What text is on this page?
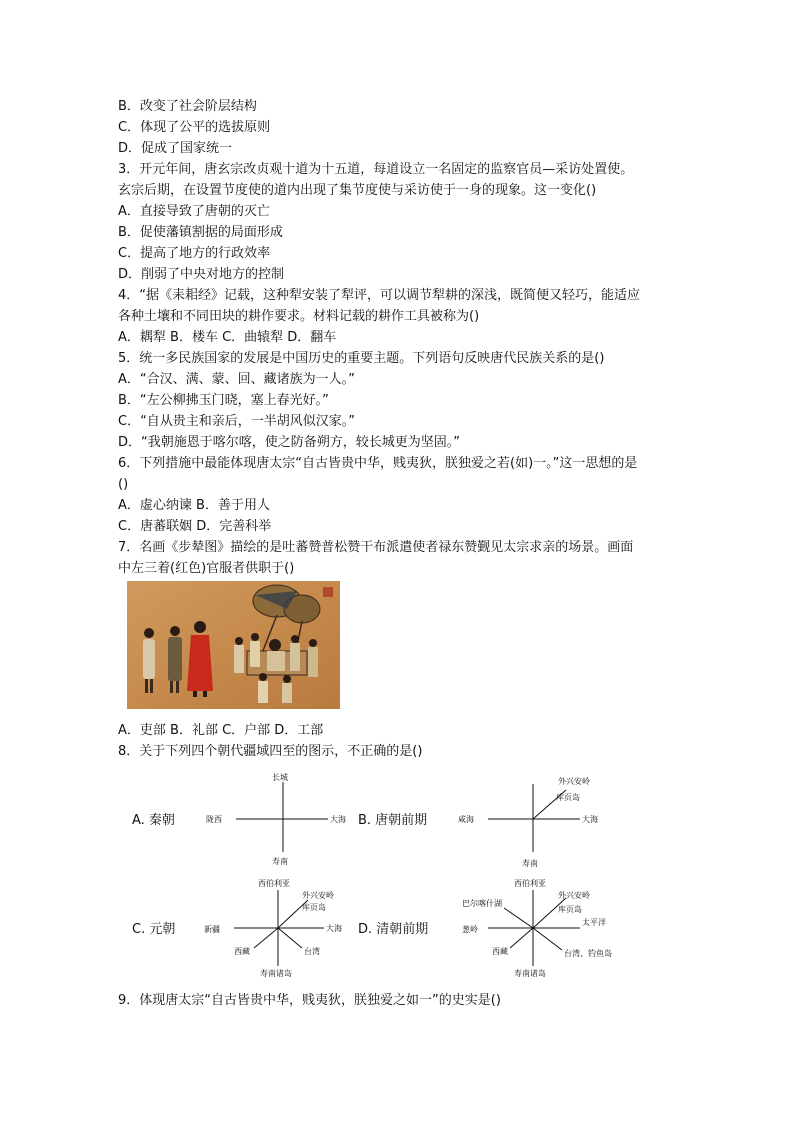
B．改变了社会阶层结构
C．体现了公平的选拔原则
D．促成了国家统一
3．开元年间，唐玄宗改贞观十道为十五道，每道设立一名固定的监察官员—采访处置使。
玄宗后期，在设置节度使的道内出现了集节度使与采访使于一身的现象。这一变化()
A．直接导致了唐朝的灭亡
B．促使藩镇割据的局面形成
C．提高了地方的行政效率
D．削弱了中央对地方的控制
4．“据《耒耜经》记载，这种犁安装了犁评，可以调节犁耕的深浅，既简便又轻巧，能适应
各种土壤和不同田块的耕作要求。材料记载的耕作工具被称为()
A．耦犁 B．楼车 C．曲辕犁 D．翻车
5．统一多民族国家的发展是中国历史的重要主题。下列语句反映唐代民族关系的是()
A．“合汉、满、蒙、回、藏诸族为一人。”
B．“左公柳拂玉门晓，塞上春光好。”
C．“自从贵主和亲后，一半胡风似汉家。”
D．“我朝施恩于喀尔喀，使之防备朔方，较长城更为坚固。”
6．下列措施中最能体现唐太宗“自古皆贵中华，贱夷狄，朕独爱之若(如)一。”这一思想的是
()
A．虚心纳谏 B．善于用人
C．唐蕃联姻 D．完善科举
7．名画《步辇图》描绘的是吐蕃赞普松赞干布派遣使者禄东赞觐见太宗求亲的场景。画面
中左三着(红色)官服者供职于()
A．吏部 B．礼部 C．户部 D．工部
8．关于下列四个朝代疆域四至的图示，不正确的是()
A. 秦朝
长城
陇西	大海
寿南
B. 唐朝前期
外兴安岭
库页岛
咸海	大海
寿南
C. 元朝
西伯利亚
外兴安岭
库页岛
新疆	大海
台湾
西藏
寿南诸岛
D. 清朝前期
西伯利亚
巴尔喀什湖
外兴安岭
库页岛
葱岭
太平洋
台湾、钓鱼岛
西藏
寿南诸岛
9．体现唐太宗“自古皆贵中华，贱夷狄，朕独爱之如一”的史实是()
